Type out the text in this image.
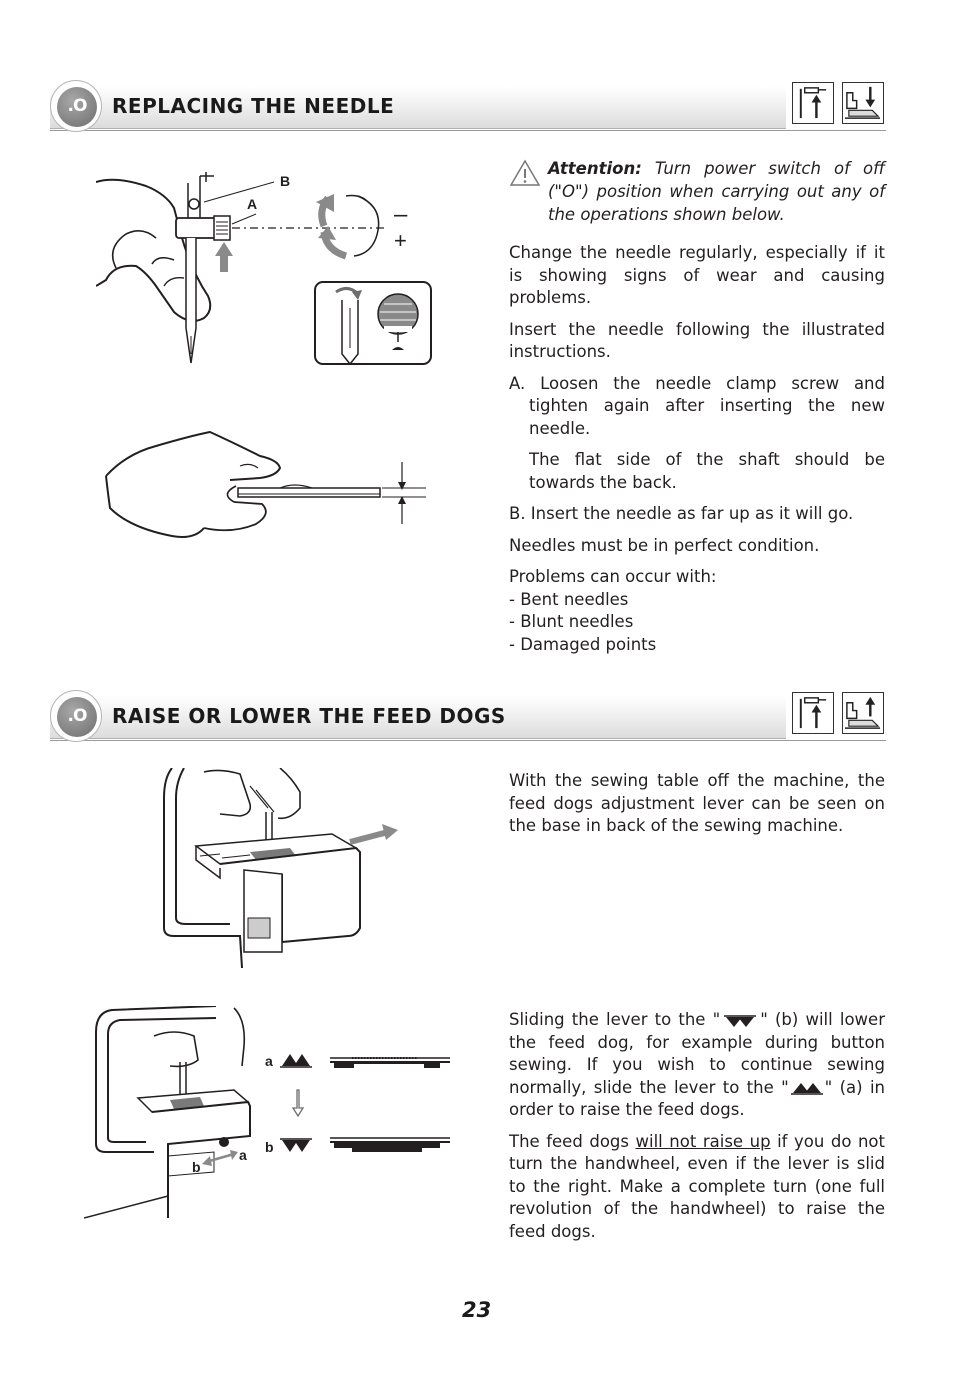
.O	REPLACING THE NEEDLE
B
A	–
+
Attention: Turn power switch of off ("O") position when carrying out any of the operations shown below.

Change the needle regularly, especially if it is showing signs of wear and causing problems.

Insert the needle following the illustrated instructions.

A. Loosen the needle clamp screw and tighten again after inserting the new needle.

The flat side of the shaft should be towards the back.

B. Insert the needle as far up as it will go.

Needles must be in perfect condition.

Problems can occur with:

- Bent needles
- Blunt needles
- Damaged points
.O	RAISE OR LOWER THE FEED DOGS
b
a
a
b

With the sewing table off the machine, the feed dogs adjustment lever can be seen on the base in back of the sewing machine.

Sliding the lever to the " " (b) will lower the feed dog, for example during button sewing. If you wish to continue sewing normally, slide the lever to the " " (a) in order to raise the feed dogs.

The feed dogs will not raise up if you do not turn the handwheel, even if the lever is slid to the right. Make a complete turn (one full revolution of the handwheel) to raise the feed dogs.

23
